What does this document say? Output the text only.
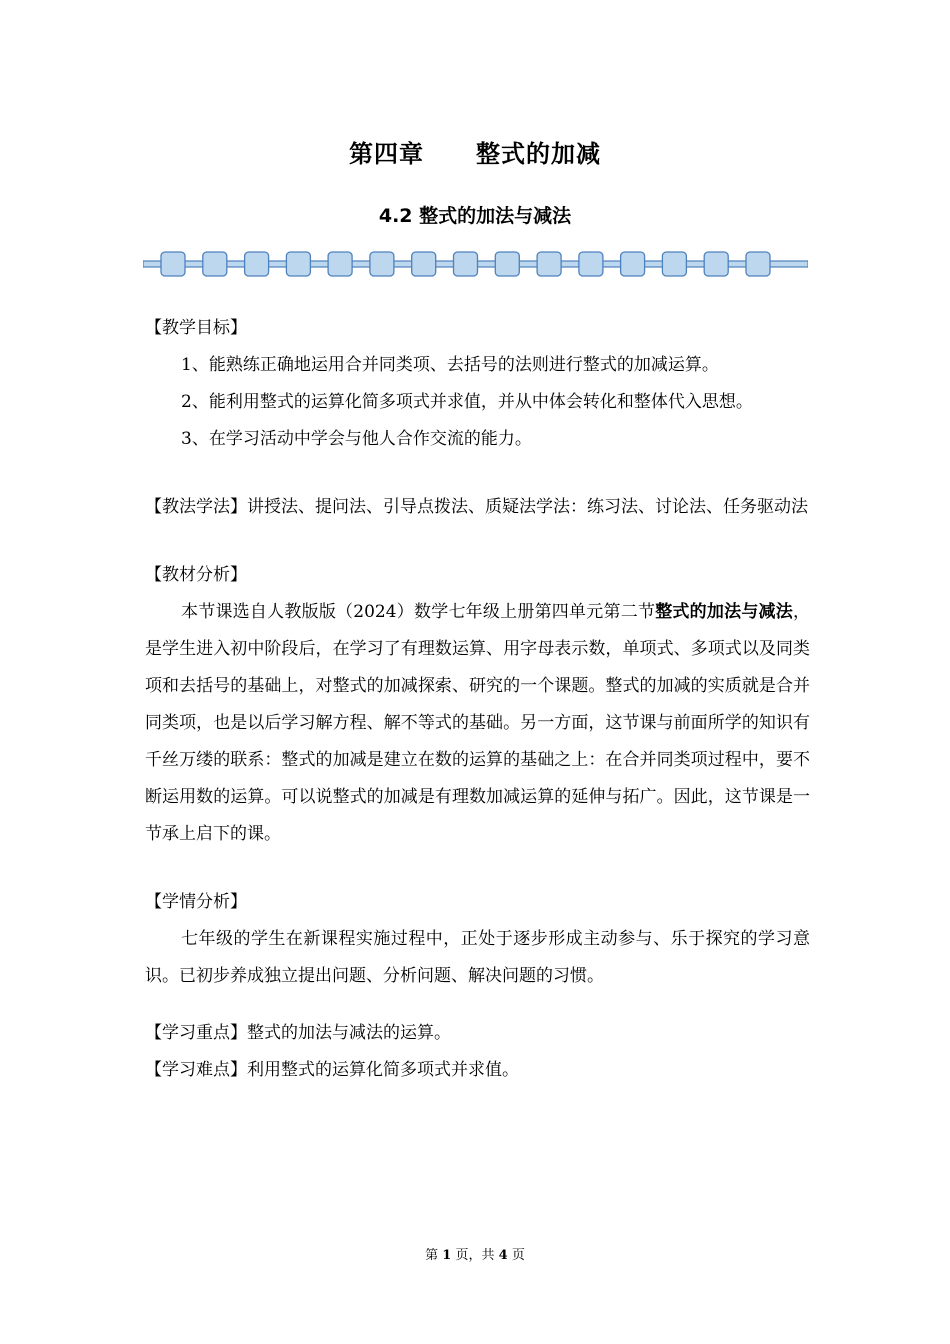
第四章 整式的加减
4.2 整式的加法与减法

【教学目标】

1、能熟练正确地运用合并同类项、去括号的法则进行整式的加减运算。

2、能利用整式的运算化简多项式并求值，并从中体会转化和整体代入思想。

3、在学习活动中学会与他人合作交流的能力。

【教法学法】讲授法、提问法、引导点拨法、质疑法学法：练习法、讨论法、任务驱动法

【教材分析】

本节课选自人教版版（2024）数学七年级上册第四单元第二节整式的加法与减法，是学生进入初中阶段后，在学习了有理数运算、用字母表示数，单项式、多项式以及同类项和去括号的基础上，对整式的加减探索、研究的一个课题。整式的加减的实质就是合并同类项，也是以后学习解方程、解不等式的基础。另一方面，这节课与前面所学的知识有千丝万缕的联系：整式的加减是建立在数的运算的基础之上：在合并同类项过程中，要不断运用数的运算。可以说整式的加减是有理数加减运算的延伸与拓广。因此，这节课是一节承上启下的课。

【学情分析】

七年级的学生在新课程实施过程中，正处于逐步形成主动参与、乐于探究的学习意识。已初步养成独立提出问题、分析问题、解决问题的习惯。

【学习重点】整式的加法与减法的运算。

【学习难点】利用整式的运算化简多项式并求值。

第 1 页，共 4 页
